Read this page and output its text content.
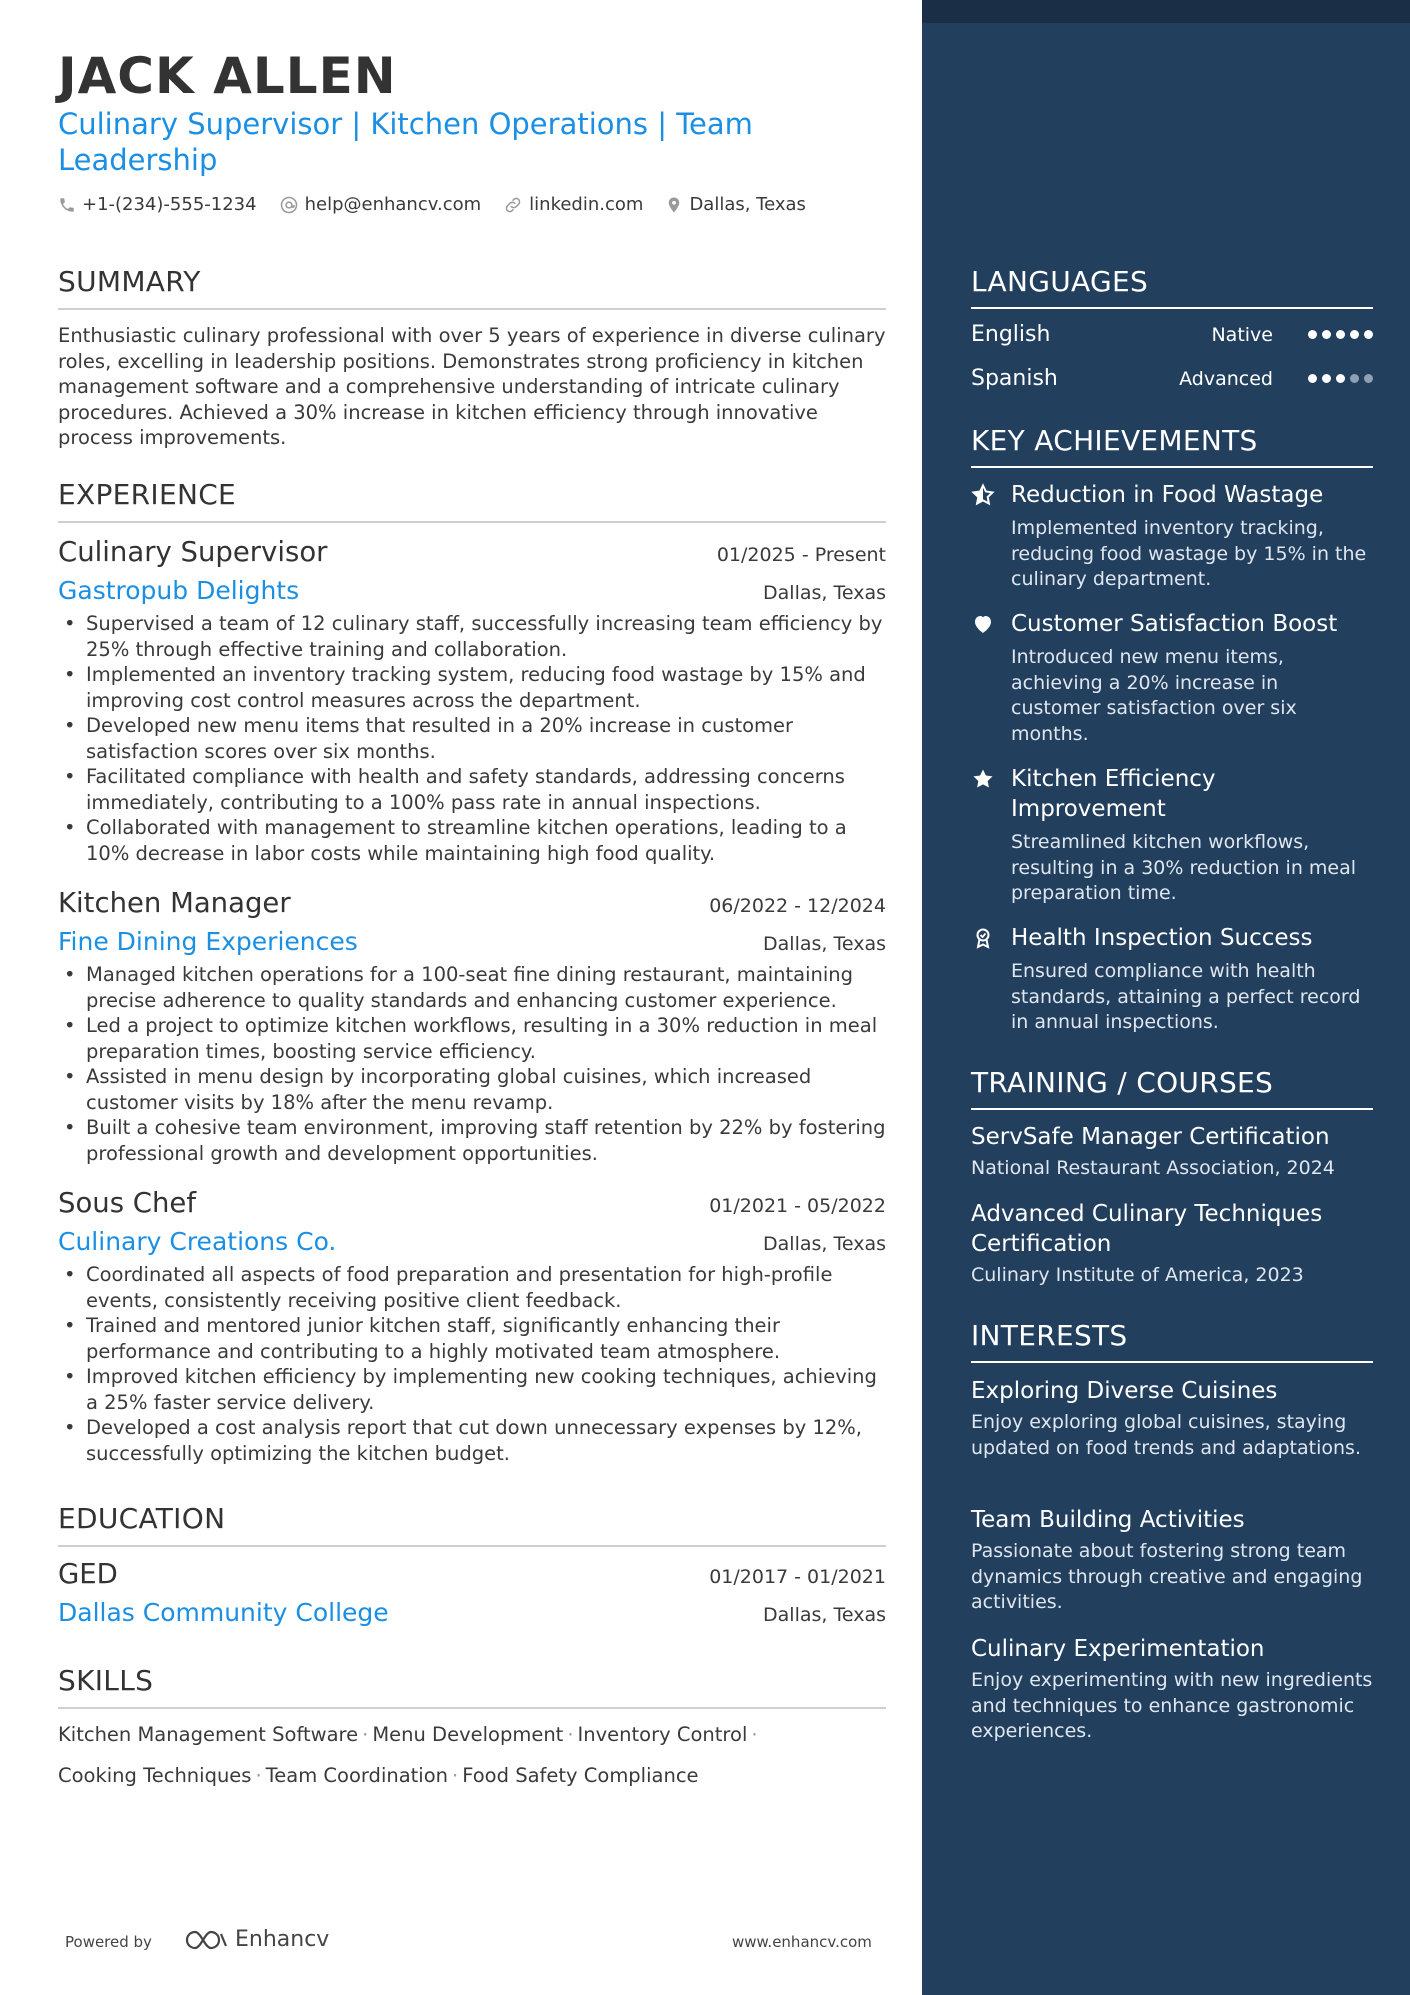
JACK ALLEN
Culinary Supervisor | Kitchen Operations | Team Leadership
+1-(234)-555-1234	help@enhancv.com	linkedin.com	Dallas, Texas
SUMMARY
Enthusiastic culinary professional with over 5 years of experience in diverse culinary roles, excelling in leadership positions. Demonstrates strong proficiency in kitchen management software and a comprehensive understanding of intricate culinary procedures. Achieved a 30% increase in kitchen efficiency through innovative process improvements.
EXPERIENCE
Culinary Supervisor	01/2025 - Present
Gastropub Delights	Dallas, Texas
• Supervised a team of 12 culinary staff, successfully increasing team efficiency by 25% through effective training and collaboration.
• Implemented an inventory tracking system, reducing food wastage by 15% and improving cost control measures across the department.
• Developed new menu items that resulted in a 20% increase in customer satisfaction scores over six months.
• Facilitated compliance with health and safety standards, addressing concerns immediately, contributing to a 100% pass rate in annual inspections.
• Collaborated with management to streamline kitchen operations, leading to a 10% decrease in labor costs while maintaining high food quality.
Kitchen Manager	06/2022 - 12/2024
Fine Dining Experiences	Dallas, Texas
• Managed kitchen operations for a 100-seat fine dining restaurant, maintaining precise adherence to quality standards and enhancing customer experience.
• Led a project to optimize kitchen workflows, resulting in a 30% reduction in meal preparation times, boosting service efficiency.
• Assisted in menu design by incorporating global cuisines, which increased customer visits by 18% after the menu revamp.
• Built a cohesive team environment, improving staff retention by 22% by fostering professional growth and development opportunities.
Sous Chef	01/2021 - 05/2022
Culinary Creations Co.	Dallas, Texas
• Coordinated all aspects of food preparation and presentation for high-profile events, consistently receiving positive client feedback.
• Trained and mentored junior kitchen staff, significantly enhancing their performance and contributing to a highly motivated team atmosphere.
• Improved kitchen efficiency by implementing new cooking techniques, achieving a 25% faster service delivery.
• Developed a cost analysis report that cut down unnecessary expenses by 12%, successfully optimizing the kitchen budget.
EDUCATION
GED	01/2017 - 01/2021
Dallas Community College	Dallas, Texas
SKILLS
Kitchen Management Software · Menu Development · Inventory Control ·
Cooking Techniques · Team Coordination · Food Safety Compliance
Powered by	Enhancv	www.enhancv.com
LANGUAGES
English	Native
Spanish	Advanced
KEY ACHIEVEMENTS
Reduction in Food Wastage
Implemented inventory tracking, reducing food wastage by 15% in the culinary department.
Customer Satisfaction Boost
Introduced new menu items, achieving a 20% increase in customer satisfaction over six months.
Kitchen Efficiency Improvement
Streamlined kitchen workflows, resulting in a 30% reduction in meal preparation time.
Health Inspection Success
Ensured compliance with health standards, attaining a perfect record in annual inspections.
TRAINING / COURSES
ServSafe Manager Certification
National Restaurant Association, 2024
Advanced Culinary Techniques Certification
Culinary Institute of America, 2023
INTERESTS
Exploring Diverse Cuisines
Enjoy exploring global cuisines, staying updated on food trends and adaptations.
Team Building Activities
Passionate about fostering strong team dynamics through creative and engaging activities.
Culinary Experimentation
Enjoy experimenting with new ingredients and techniques to enhance gastronomic experiences.
